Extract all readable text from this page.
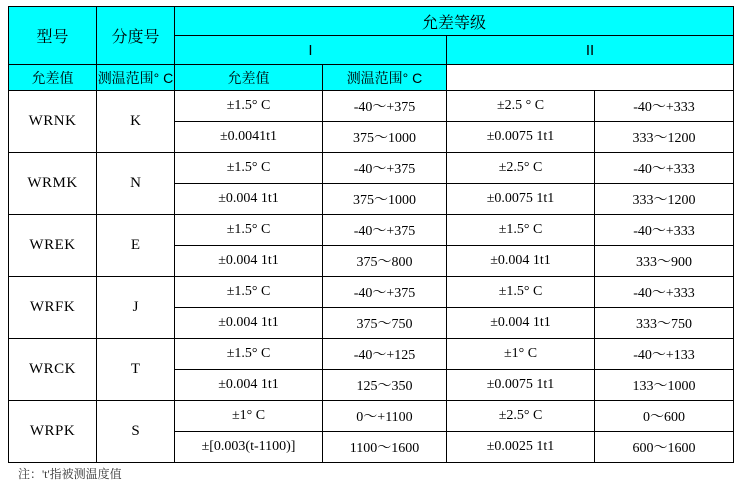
型号	分度号	允差等级			
		I		II	
允差值	测温范围° C	允差值	测温范围° C		
WRNK	K	±1.5° C	-40～+375	±2.5 ° C	-40～+333
		±0.0041t1	375～1000	±0.0075 1t1	333～1200
WRMK	N	±1.5° C	-40～+375	±2.5° C	-40～+333
		±0.004 1t1	375～1000	±0.0075 1t1	333～1200
WREK	E	±1.5° C	-40～+375	±1.5° C	-40～+333
		±0.004 1t1	375～800	±0.004 1t1	333～900
WRFK	J	±1.5° C	-40～+375	±1.5° C	-40～+333
		±0.004 1t1	375～750	±0.004 1t1	333～750
WRCK	T	±1.5° C	-40～+125	±1° C	-40～+133
		±0.004 1t1	125～350	±0.0075 1t1	133～1000
WRPK	S	±1° C	0～+1100	±2.5° C	0～600
		±[0.003(t-1100)]	1100～1600	±0.0025 1t1	600～1600
注：'t'指被测温度值
